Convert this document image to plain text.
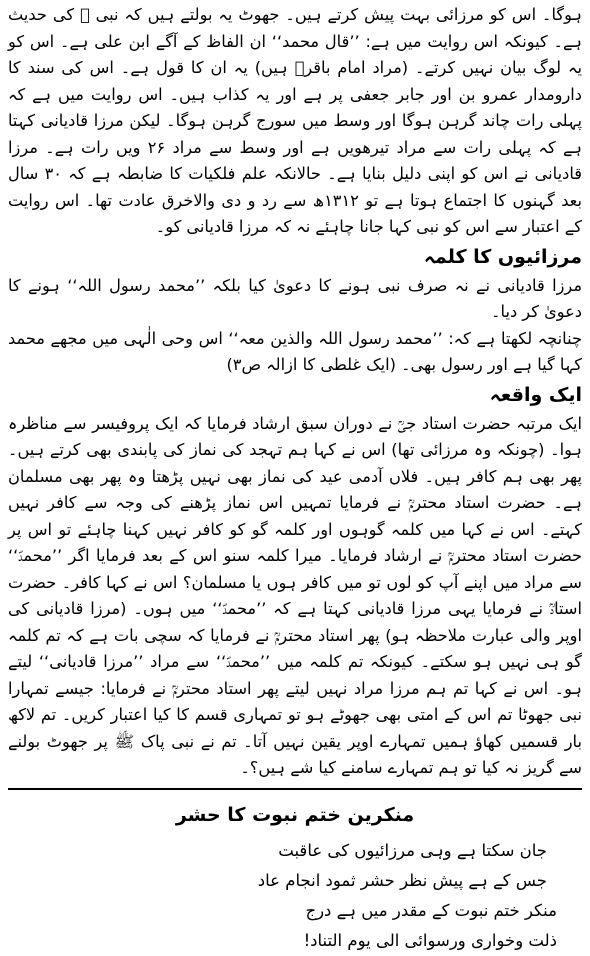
ہوگا۔ اس کو مرزائی بہت پیش کرتے ہیں۔ جھوٹ یہ بولتے ہیں کہ نبی ﷺ کی حدیث ہے۔ کیونکہ اس روایت میں ہے: ’’قال محمد‘‘ ان الفاظ کے آگے ابن علی ہے۔ اس کو یہ لوگ بیان نہیں کرتے۔ (مراد امام باقرؒ ہیں) یہ ان کا قول ہے۔ اس کی سند کا دارومدار عمرو بن اور جابر جعفی پر ہے اور یہ کذاب ہیں۔ اس روایت میں ہے کہ پہلی رات چاند گرہن ہوگا اور وسط میں سورج گرہن ہوگا۔ لیکن مرزا قادیانی کہتا ہے کہ پہلی رات سے مراد تیرھویں ہے اور وسط سے مراد ۲۶ ویں رات ہے۔ مرزا قادیانی نے اس کو اپنی دلیل بنایا ہے۔ حالانکہ علم فلکیات کا ضابطہ ہے کہ ۳۰ سال بعد گہنوں کا اجتماع ہوتا ہے تو ۱۳۱۲ھ سے رد و دی والاخرق عادت تھا۔ اس روایت کے اعتبار سے اس کو نبی کہا جانا چاہئے نہ کہ مرزا قادیانی کو۔

مرزائیوں کا کلمہ

مرزا قادیانی نے نہ صرف نبی ہونے کا دعویٰ کیا بلکہ ’’محمد رسول اللہ‘‘ ہونے کا دعویٰ کر دیا۔

چنانچہ لکھتا ہے کہ: ’’محمد رسول اللہ والذین معہ‘‘ اس وحی الٰہی میں مجھے محمد کہا گیا ہے اور رسول بھی۔ (ایک غلطی کا ازالہ ص۳)

ایک واقعہ

ایک مرتبہ حضرت استاد جیؒ نے دوران سبق ارشاد فرمایا کہ ایک پروفیسر سے مناظرہ ہوا۔ (چونکہ وہ مرزائی تھا) اس نے کہا ہم تہجد کی نماز کی پابندی بھی کرتے ہیں۔ پھر بھی ہم کافر ہیں۔ فلاں آدمی عید کی نماز بھی نہیں پڑھتا وہ پھر بھی مسلمان ہے۔ حضرت استاد محترمؒ نے فرمایا تمہیں اس نماز پڑھنے کی وجہ سے کافر نہیں کہتے۔ اس نے کہا میں کلمہ گوہوں اور کلمہ گو کو کافر نہیں کہنا چاہئے تو اس پر حضرت استاد محترمؒ نے ارشاد فرمایا۔ میرا کلمہ سنو اس کے بعد فرمایا اگر ’’محمدؐ‘‘ سے مراد میں اپنے آپ کو لوں تو میں کافر ہوں یا مسلمان؟ اس نے کہا کافر۔ حضرت استادؒ نے فرمایا یہی مرزا قادیانی کہتا ہے کہ ’’محمدؐ‘‘ میں ہوں۔ (مرزا قادیانی کی اوپر والی عبارت ملاحظہ ہو) پھر استاد محترمؒ نے فرمایا کہ سچی بات ہے کہ تم کلمہ گو ہی نہیں ہو سکتے۔ کیونکہ تم کلمہ میں ’’محمدؐ‘‘ سے مراد ’’مرزا قادیانی‘‘ لیتے ہو۔ اس نے کہا تم ہم مرزا مراد نہیں لیتے پھر استاد محترمؒ نے فرمایا: جیسے تمہارا نبی جھوٹا تم اس کے امتی بھی جھوٹے ہو تو تمہاری قسم کا کیا اعتبار کریں۔ تم لاکھ بار قسمیں کھاؤ ہمیں تمہارے اوپر یقین نہیں آتا۔ تم نے نبی پاک ﷺ پر جھوٹ بولنے سے گریز نہ کیا تو ہم تمہارے سامنے کیا شے ہیں؟۔

منکرین ختم نبوت کا حشر

جان سکتا ہے وہی مرزائیوں کی عاقبت

جس کے ہے پیش نظر حشر ثمود انجام عاد

منکر ختم نبوت کے مقدر میں ہے درج

ذلت وخواری ورسوائی الی یوم التناد!
